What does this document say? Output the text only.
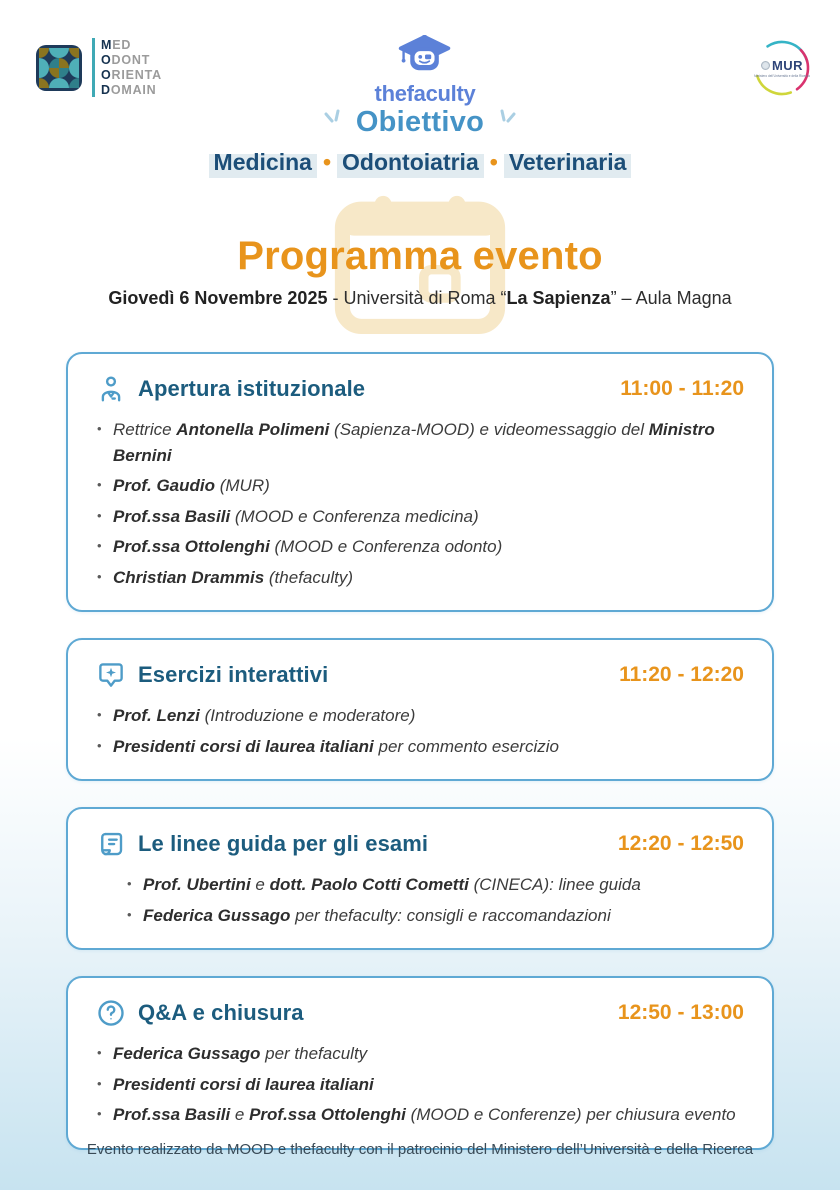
MED
ODONT
ORIENTA
DOMAIN	thefaculty
MUR
Ministero dell’Università e della Ricerca
Obiettivo
Medicina • Odontoiatria • Veterinaria
Programma evento
Giovedì 6 Novembre 2025 - Università di Roma “La Sapienza” – Aula Magna
Apertura istituzionale	11:00 - 11:20
• Rettrice Antonella Polimeni (Sapienza-MOOD) e videomessaggio del Ministro Bernini
• Prof. Gaudio (MUR)
• Prof.ssa Basili (MOOD e Conferenza medicina)
• Prof.ssa Ottolenghi (MOOD e Conferenza odonto)
• Christian Drammis (thefaculty)
Esercizi interattivi	11:20 - 12:20
• Prof. Lenzi (Introduzione e moderatore)
• Presidenti corsi di laurea italiani per commento esercizio
Le linee guida per gli esami	12:20 - 12:50
• Prof. Ubertini e dott. Paolo Cotti Cometti (CINECA): linee guida
• Federica Gussago per thefaculty: consigli e raccomandazioni
Q&A e chiusura	12:50 - 13:00
• Federica Gussago per thefaculty
• Presidenti corsi di laurea italiani
• Prof.ssa Basili e Prof.ssa Ottolenghi (MOOD e Conferenze) per chiusura evento
Evento realizzato da MOOD e thefaculty con il patrocinio del Ministero dell’Università e della Ricerca
